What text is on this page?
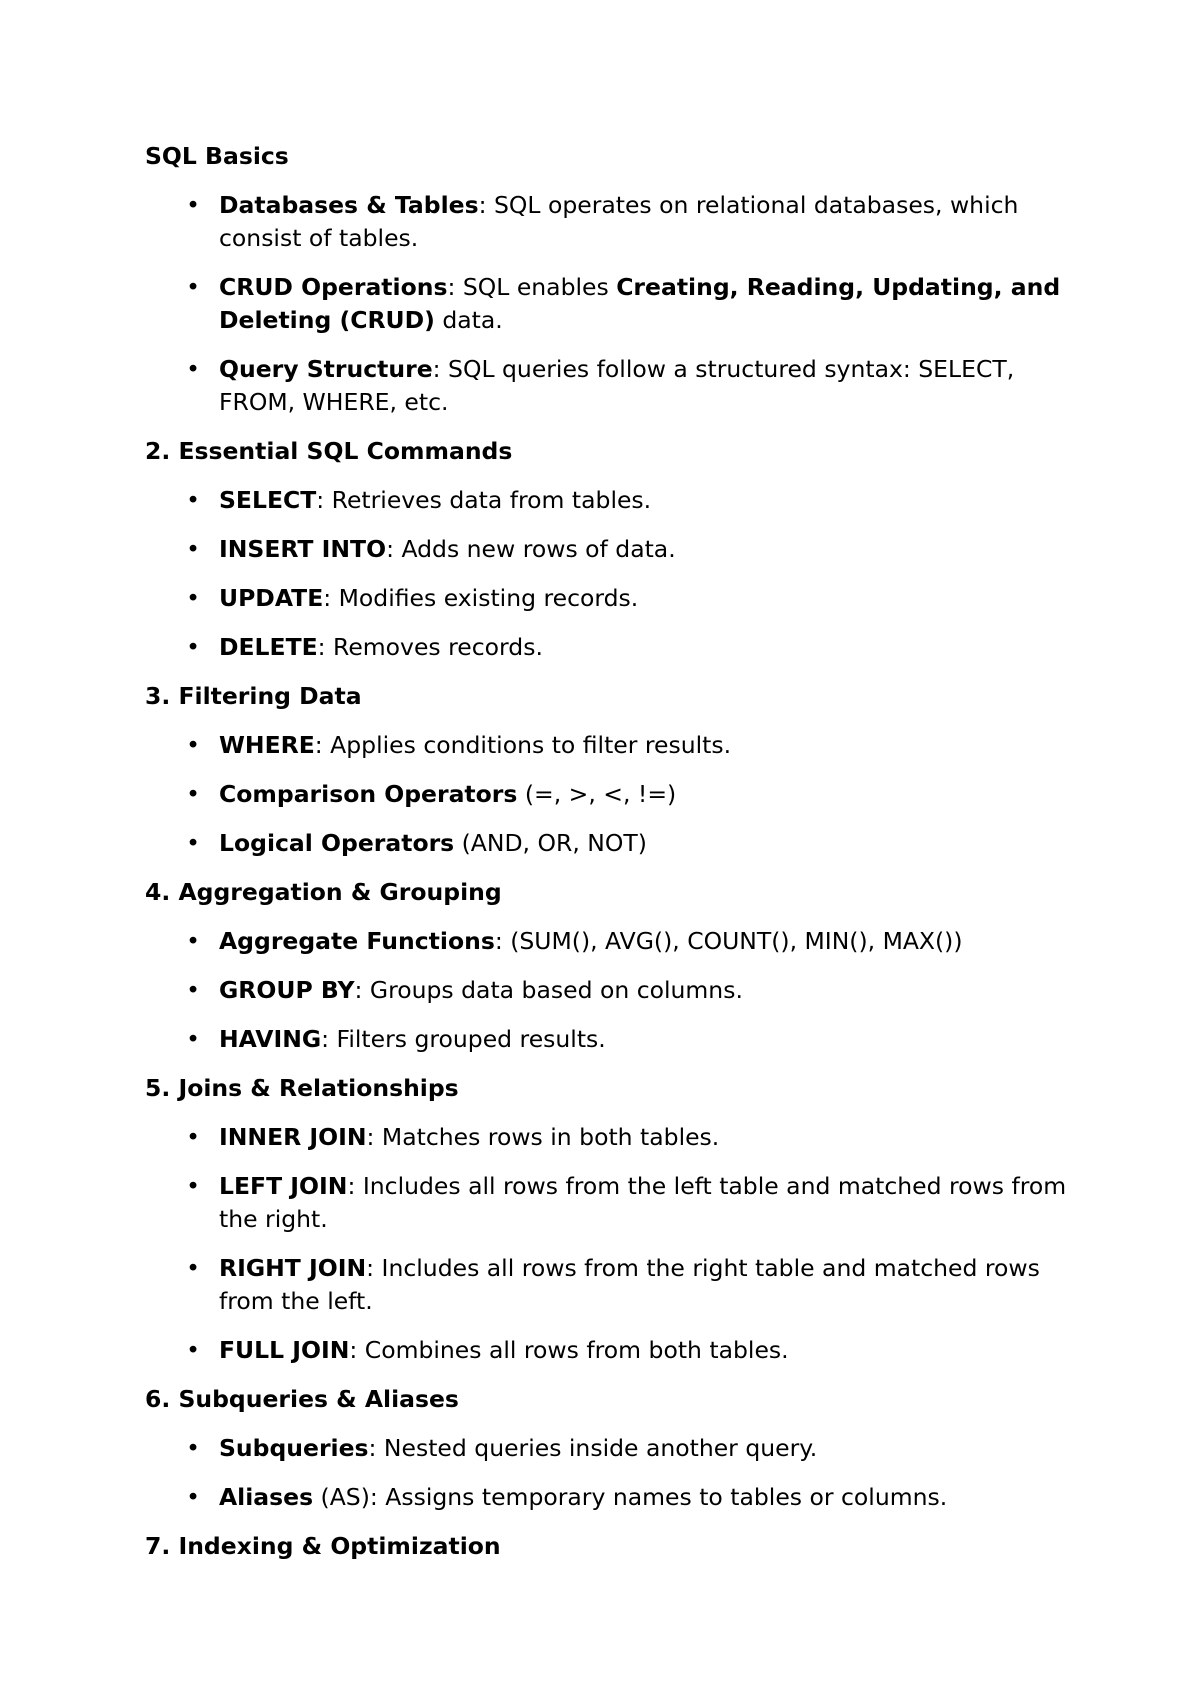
SQL Basics
• Databases & Tables: SQL operates on relational databases, which consist of tables.
• CRUD Operations: SQL enables Creating, Reading, Updating, and Deleting (CRUD) data.
• Query Structure: SQL queries follow a structured syntax: SELECT, FROM, WHERE, etc.
2. Essential SQL Commands
• SELECT: Retrieves data from tables.
• INSERT INTO: Adds new rows of data.
• UPDATE: Modifies existing records.
• DELETE: Removes records.
3. Filtering Data
• WHERE: Applies conditions to filter results.
• Comparison Operators (=, >, <, !=)
• Logical Operators (AND, OR, NOT)
4. Aggregation & Grouping
• Aggregate Functions: (SUM(), AVG(), COUNT(), MIN(), MAX())
• GROUP BY: Groups data based on columns.
• HAVING: Filters grouped results.
5. Joins & Relationships
• INNER JOIN: Matches rows in both tables.
• LEFT JOIN: Includes all rows from the left table and matched rows from the right.
• RIGHT JOIN: Includes all rows from the right table and matched rows from the left.
• FULL JOIN: Combines all rows from both tables.
6. Subqueries & Aliases
• Subqueries: Nested queries inside another query.
• Aliases (AS): Assigns temporary names to tables or columns.
7. Indexing & Optimization
